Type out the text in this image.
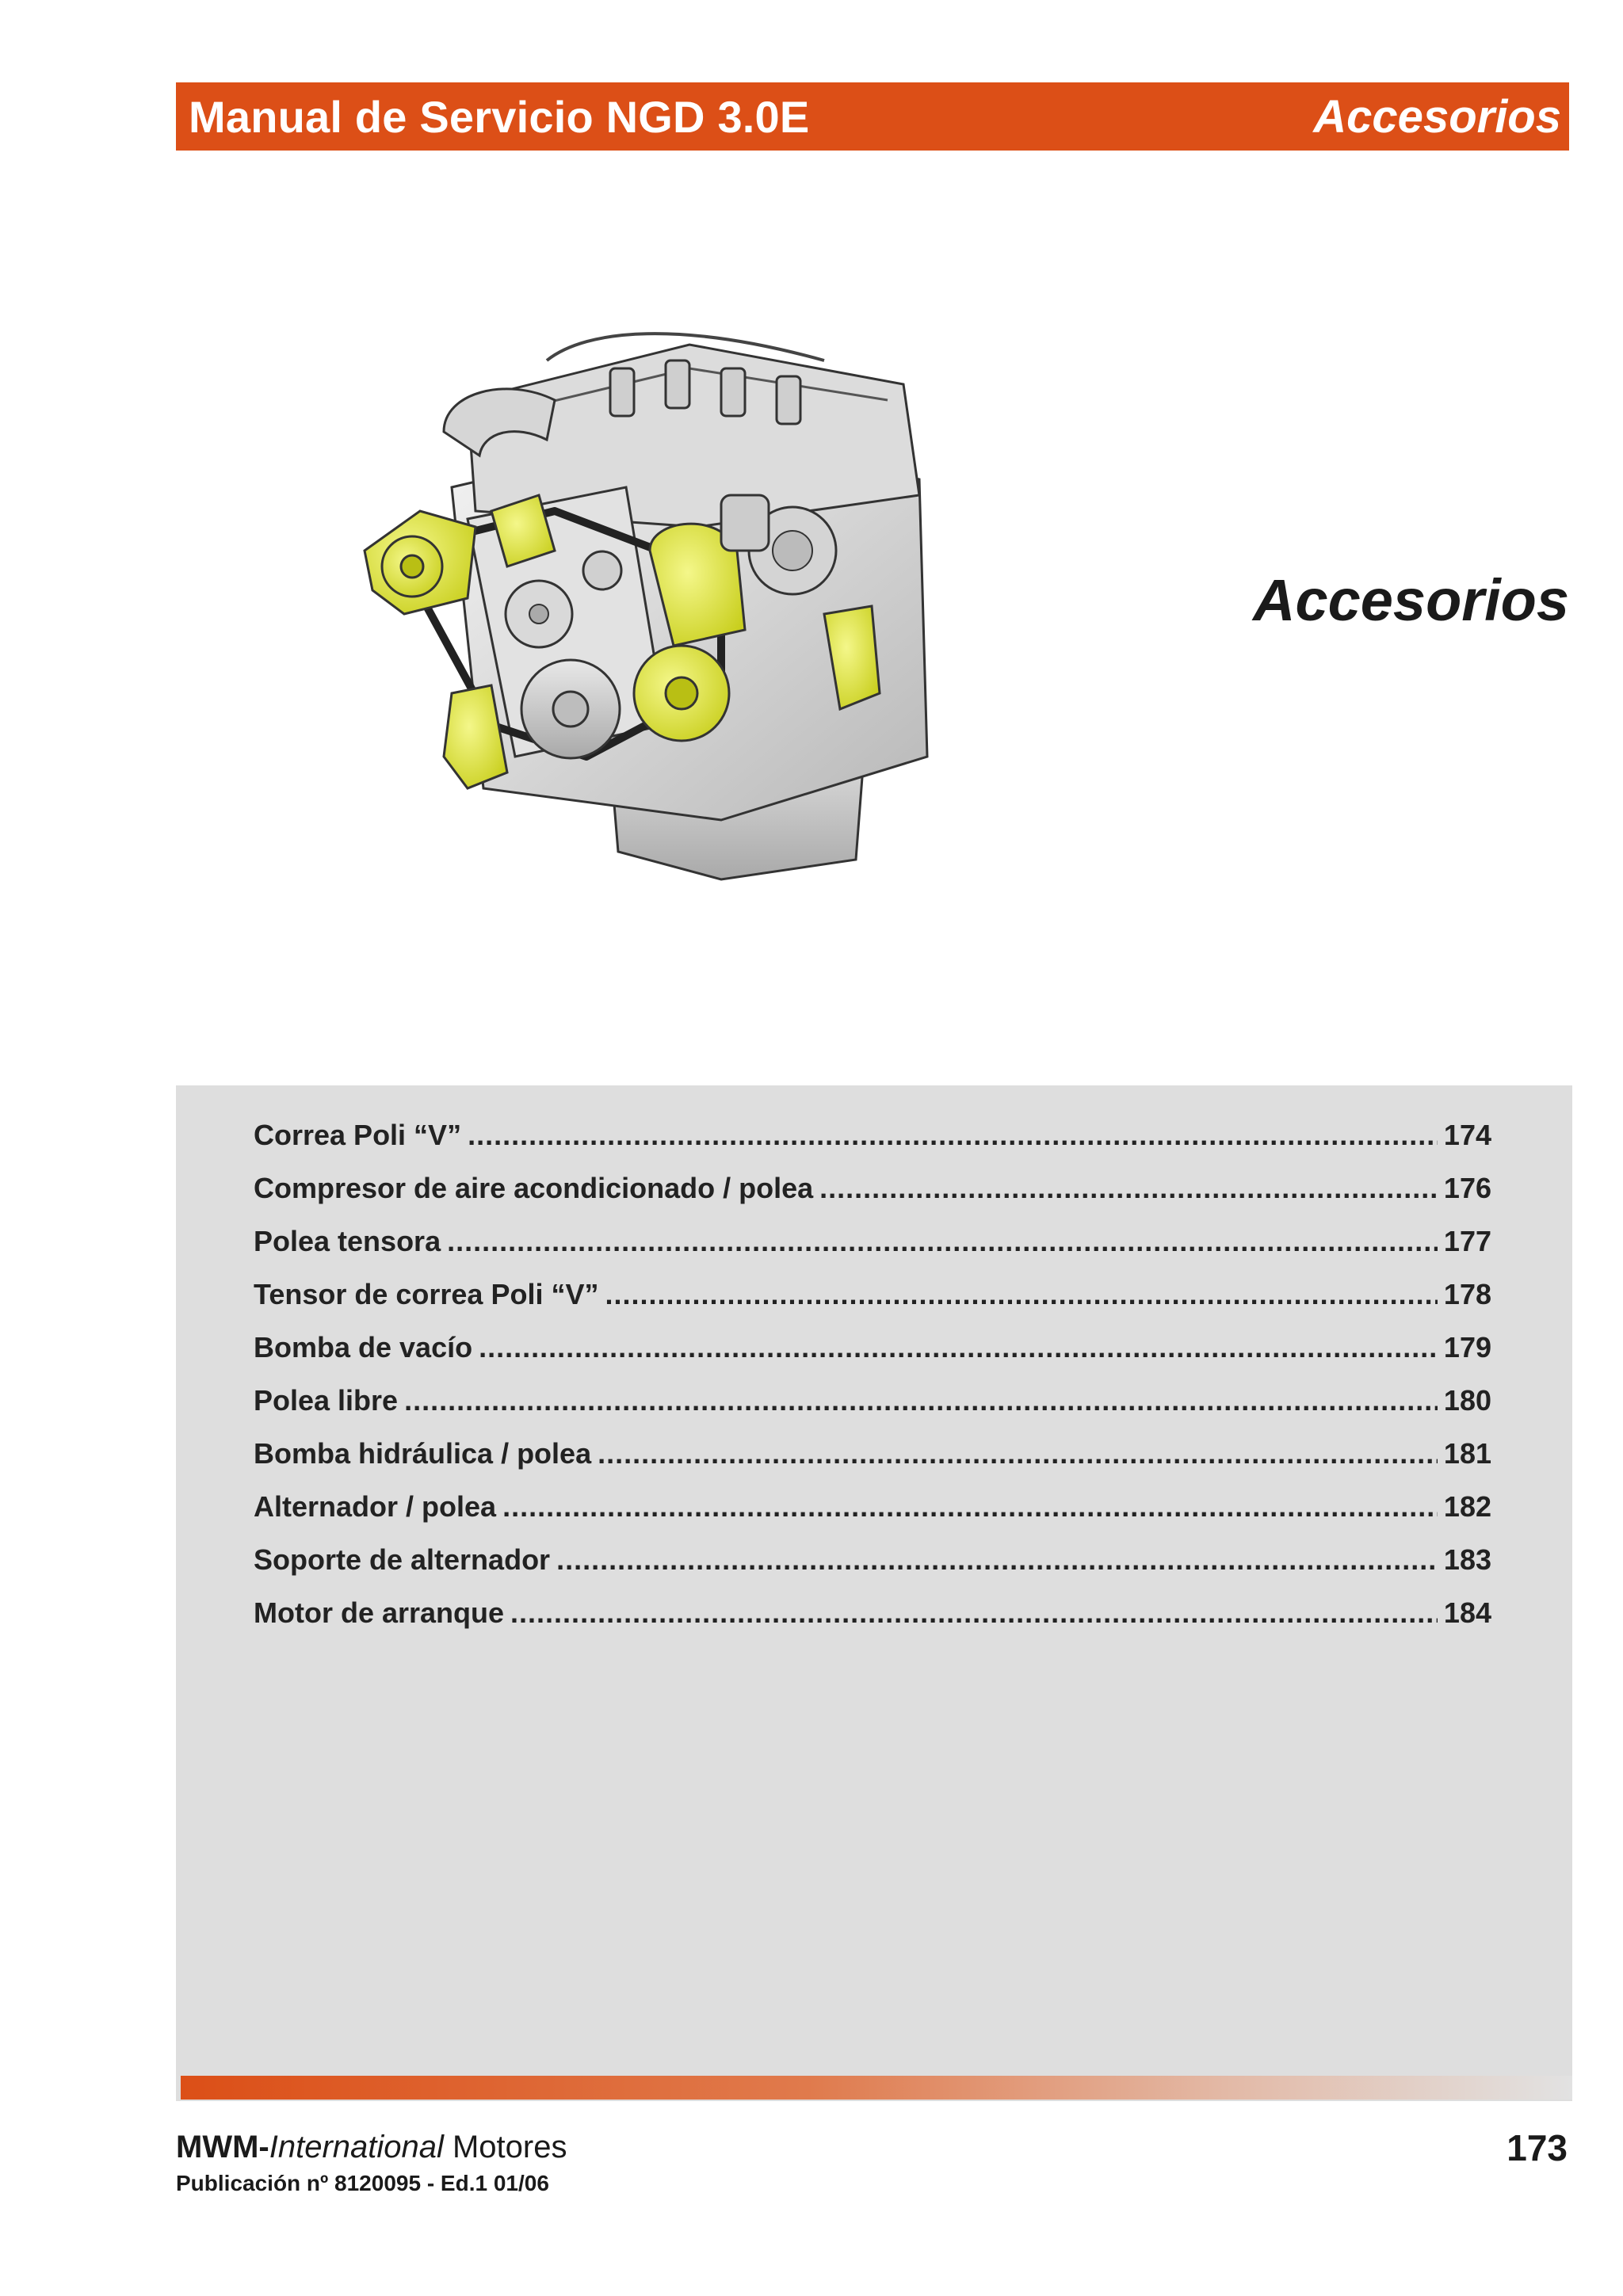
Manual de Servicio NGD 3.0E	Accesorios
Accesorios
Correa Poli “V” .....	174
Compresor de aire acondicionado / polea .....	176
Polea tensora .....	177
Tensor de correa Poli “V” .....	178
Bomba de vacío .....	179
Polea libre .....	180
Bomba hidráulica / polea .....	181
Alternador / polea .....	182
Soporte de alternador .....	183
Motor de arranque .....	184
MWM-International Motores
Publicación nº 8120095 - Ed.1 01/06
173
